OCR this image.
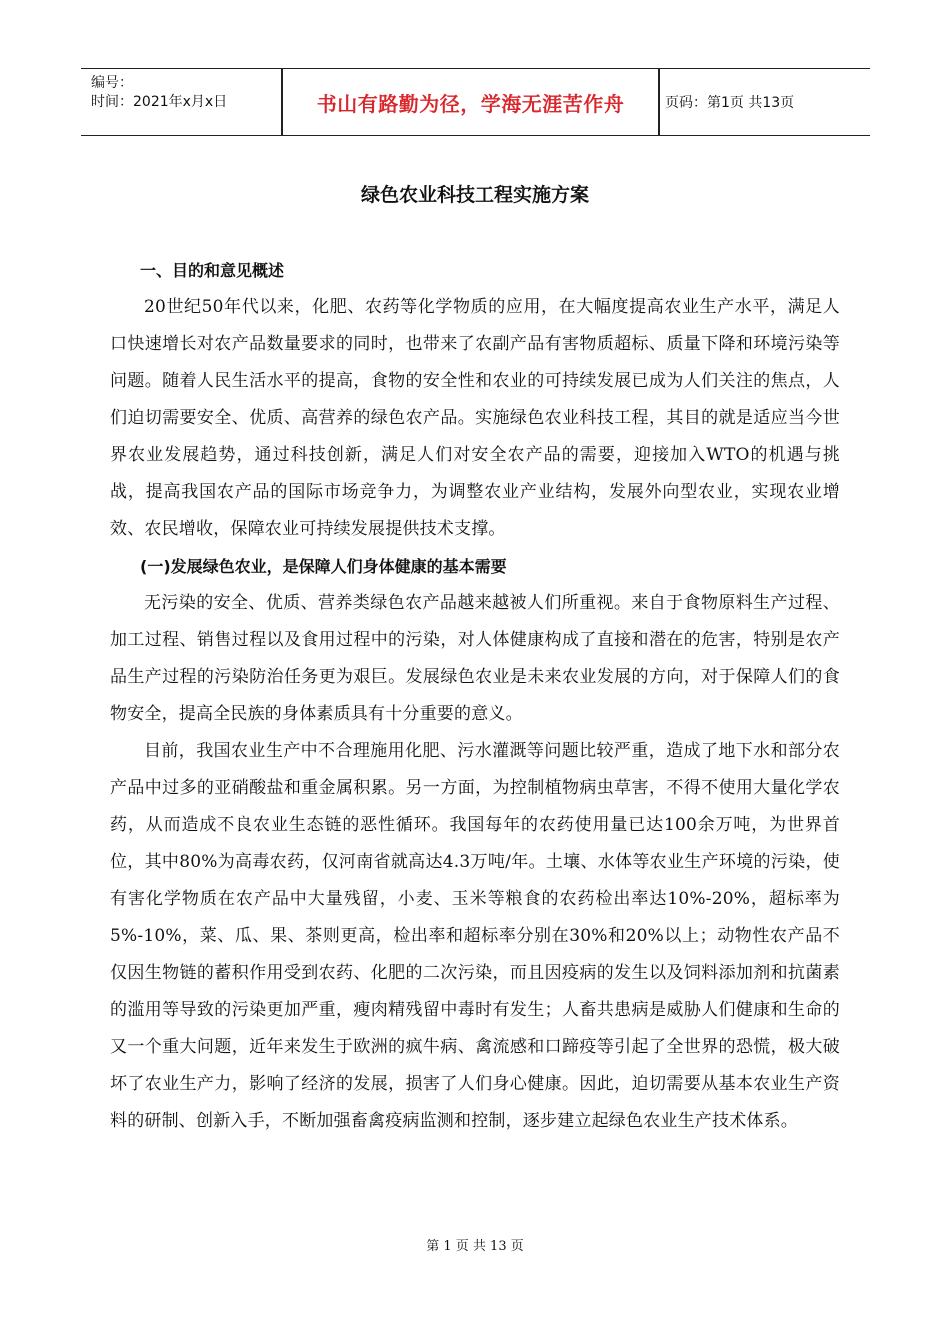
编号：
时间：2021年x月x日	书山有路勤为径，学海无涯苦作舟	页码：第1页 共13页
绿色农业科技工程实施方案

一、目的和意见概述

20世纪50年代以来，化肥、农药等化学物质的应用，在大幅度提高农业生产水平，满足人口快速增长对农产品数量要求的同时，也带来了农副产品有害物质超标、质量下降和环境污染等问题。随着人民生活水平的提高，食物的安全性和农业的可持续发展已成为人们关注的焦点，人们迫切需要安全、优质、高营养的绿色农产品。实施绿色农业科技工程，其目的就是适应当今世界农业发展趋势，通过科技创新，满足人们对安全农产品的需要，迎接加入WTO的机遇与挑战，提高我国农产品的国际市场竞争力，为调整农业产业结构，发展外向型农业，实现农业增效、农民增收，保障农业可持续发展提供技术支撑。

(一)发展绿色农业，是保障人们身体健康的基本需要

无污染的安全、优质、营养类绿色农产品越来越被人们所重视。来自于食物原料生产过程、加工过程、销售过程以及食用过程中的污染，对人体健康构成了直接和潜在的危害，特别是农产品生产过程的污染防治任务更为艰巨。发展绿色农业是未来农业发展的方向，对于保障人们的食物安全，提高全民族的身体素质具有十分重要的意义。

目前，我国农业生产中不合理施用化肥、污水灌溉等问题比较严重，造成了地下水和部分农产品中过多的亚硝酸盐和重金属积累。另一方面，为控制植物病虫草害，不得不使用大量化学农药，从而造成不良农业生态链的恶性循环。我国每年的农药使用量已达100余万吨，为世界首位，其中80%为高毒农药，仅河南省就高达4.3万吨/年。土壤、水体等农业生产环境的污染，使有害化学物质在农产品中大量残留，小麦、玉米等粮食的农药检出率达10%-20%，超标率为5%-10%，菜、瓜、果、茶则更高，检出率和超标率分别在30%和20%以上；动物性农产品不仅因生物链的蓄积作用受到农药、化肥的二次污染，而且因疫病的发生以及饲料添加剂和抗菌素的滥用等导致的污染更加严重，瘦肉精残留中毒时有发生；人畜共患病是威胁人们健康和生命的又一个重大问题，近年来发生于欧洲的疯牛病、禽流感和口蹄疫等引起了全世界的恐慌，极大破坏了农业生产力，影响了经济的发展，损害了人们身心健康。因此，迫切需要从基本农业生产资料的研制、创新入手，不断加强畜禽疫病监测和控制，逐步建立起绿色农业生产技术体系。

第 1 页 共 13 页
